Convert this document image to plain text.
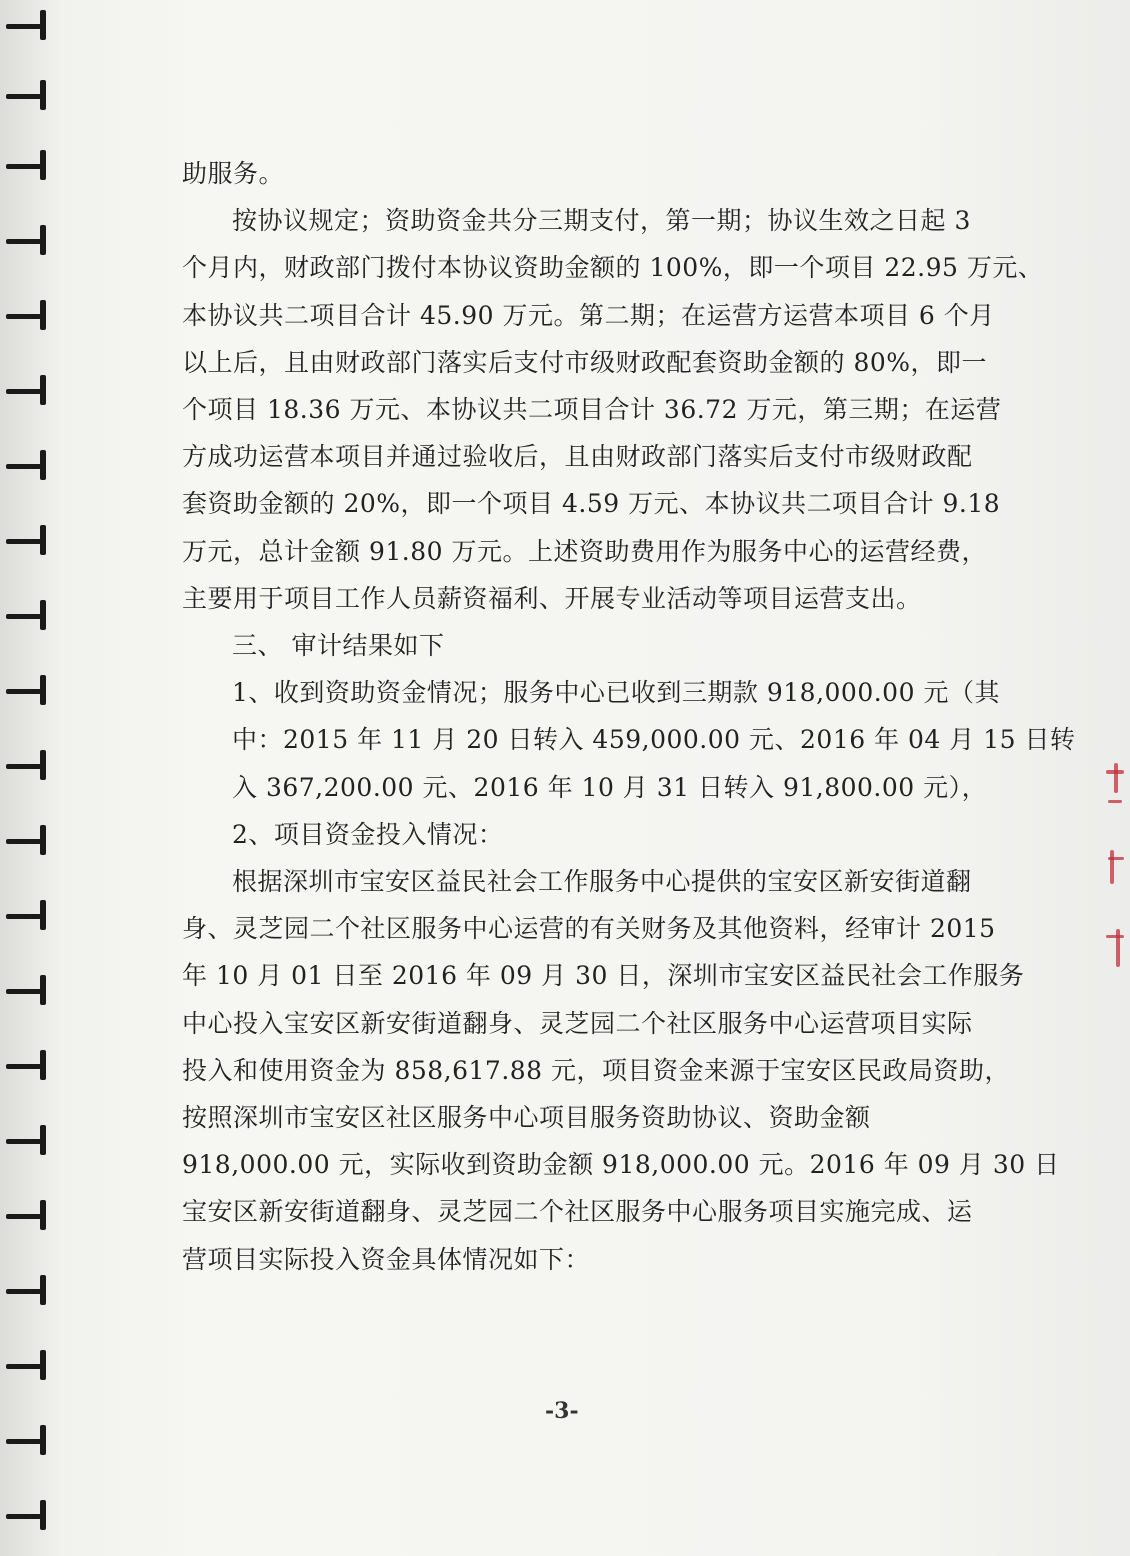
助服务。
按协议规定；资助资金共分三期支付，第一期；协议生效之日起 3
个月内，财政部门拨付本协议资助金额的 100%，即一个项目 22.95 万元、
本协议共二项目合计 45.90 万元。第二期；在运营方运营本项目 6 个月
以上后，且由财政部门落实后支付市级财政配套资助金额的 80%，即一
个项目 18.36 万元、本协议共二项目合计 36.72 万元，第三期；在运营
方成功运营本项目并通过验收后，且由财政部门落实后支付市级财政配
套资助金额的 20%，即一个项目 4.59 万元、本协议共二项目合计 9.18
万元，总计金额 91.80 万元。上述资助费用作为服务中心的运营经费，
主要用于项目工作人员薪资福利、开展专业活动等项目运营支出。
三、 审计结果如下
1、收到资助资金情况；服务中心已收到三期款 918,000.00 元（其
中：2015 年 11 月 20 日转入 459,000.00 元、2016 年 04 月 15 日转
入 367,200.00 元、2016 年 10 月 31 日转入 91,800.00 元），
2、项目资金投入情况：
根据深圳市宝安区益民社会工作服务中心提供的宝安区新安街道翻
身、灵芝园二个社区服务中心运营的有关财务及其他资料，经审计 2015
年 10 月 01 日至 2016 年 09 月 30 日，深圳市宝安区益民社会工作服务
中心投入宝安区新安街道翻身、灵芝园二个社区服务中心运营项目实际
投入和使用资金为 858,617.88 元，项目资金来源于宝安区民政局资助，
按照深圳市宝安区社区服务中心项目服务资助协议、资助金额
918,000.00 元，实际收到资助金额 918,000.00 元。2016 年 09 月 30 日
宝安区新安街道翻身、灵芝园二个社区服务中心服务项目实施完成、运
营项目实际投入资金具体情况如下：
-3-
